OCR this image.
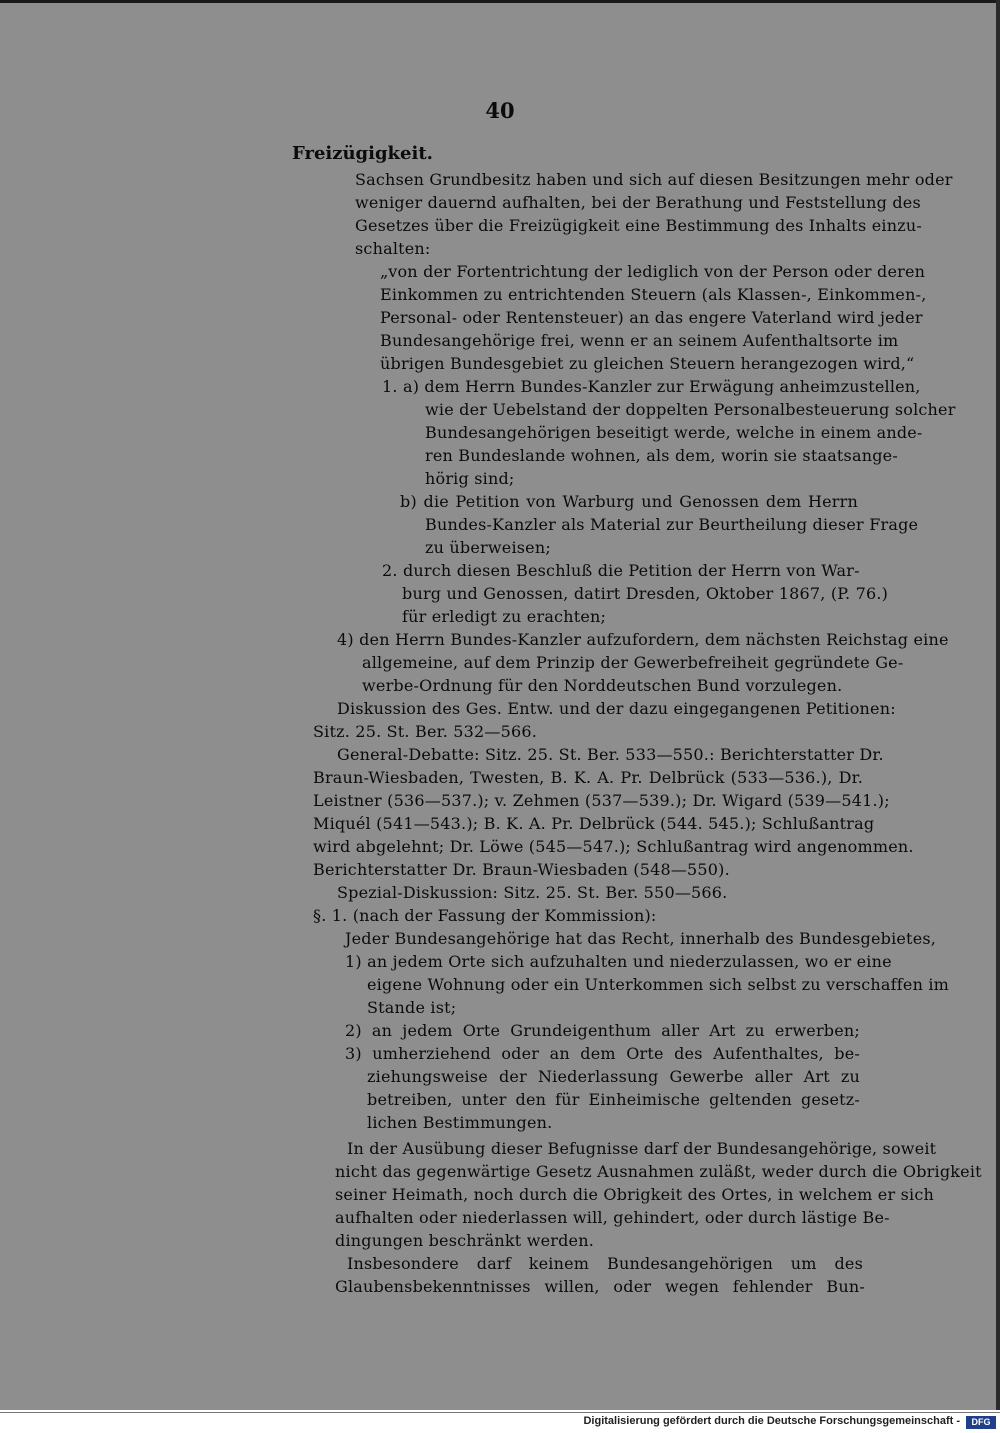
40
Freizügigkeit.
Sachsen Grundbesitz haben und sich auf diesen Besitzungen mehr oder
weniger dauernd aufhalten, bei der Berathung und Feststellung des
Gesetzes über die Freizügigkeit eine Bestimmung des Inhalts einzu-
schalten:
„von der Fortentrichtung der lediglich von der Person oder deren
Einkommen zu entrichtenden Steuern (als Klassen-, Einkommen-,
Personal- oder Rentensteuer) an das engere Vaterland wird jeder
Bundesangehörige frei, wenn er an seinem Aufenthaltsorte im
übrigen Bundesgebiet zu gleichen Steuern herangezogen wird,“
1. a) dem Herrn Bundes-Kanzler zur Erwägung anheimzustellen,
wie der Uebelstand der doppelten Personalbesteuerung solcher
Bundesangehörigen beseitigt werde, welche in einem ande-
ren Bundeslande wohnen, als dem, worin sie staatsange-
hörig sind;
b) die Petition von Warburg und Genossen dem Herrn
Bundes-Kanzler als Material zur Beurtheilung dieser Frage
zu überweisen;
2. durch diesen Beschluß die Petition der Herrn von War-
burg und Genossen, datirt Dresden, Oktober 1867, (P. 76.)
für erledigt zu erachten;
4) den Herrn Bundes-Kanzler aufzufordern, dem nächsten Reichstag eine
allgemeine, auf dem Prinzip der Gewerbefreiheit gegründete Ge-
werbe-Ordnung für den Norddeutschen Bund vorzulegen.
Diskussion des Ges. Entw. und der dazu eingegangenen Petitionen:
Sitz. 25. St. Ber. 532—566.
General-Debatte: Sitz. 25. St. Ber. 533—550.: Berichterstatter Dr.
Braun-Wiesbaden, Twesten, B. K. A. Pr. Delbrück (533—536.), Dr.
Leistner (536—537.); v. Zehmen (537—539.); Dr. Wigard (539—541.);
Miquél (541—543.); B. K. A. Pr. Delbrück (544. 545.); Schlußantrag
wird abgelehnt; Dr. Löwe (545—547.); Schlußantrag wird angenommen.
Berichterstatter Dr. Braun-Wiesbaden (548—550).
Spezial-Diskussion: Sitz. 25. St. Ber. 550—566.
§. 1. (nach der Fassung der Kommission):
Jeder Bundesangehörige hat das Recht, innerhalb des Bundesgebietes,
1) an jedem Orte sich aufzuhalten und niederzulassen, wo er eine
eigene Wohnung oder ein Unterkommen sich selbst zu verschaffen im
Stande ist;
2) an jedem Orte Grundeigenthum aller Art zu erwerben;
3) umherziehend oder an dem Orte des Aufenthaltes, be-
ziehungsweise der Niederlassung Gewerbe aller Art zu
betreiben, unter den für Einheimische geltenden gesetz-
lichen Bestimmungen.
In der Ausübung dieser Befugnisse darf der Bundesangehörige, soweit
nicht das gegenwärtige Gesetz Ausnahmen zuläßt, weder durch die Obrigkeit
seiner Heimath, noch durch die Obrigkeit des Ortes, in welchem er sich
aufhalten oder niederlassen will, gehindert, oder durch lästige Be-
dingungen beschränkt werden.
Insbesondere darf keinem Bundesangehörigen um des
Glaubensbekenntnisses willen, oder wegen fehlender Bun-
Digitalisierung gefördert durch die Deutsche Forschungsgemeinschaft -	DFG
